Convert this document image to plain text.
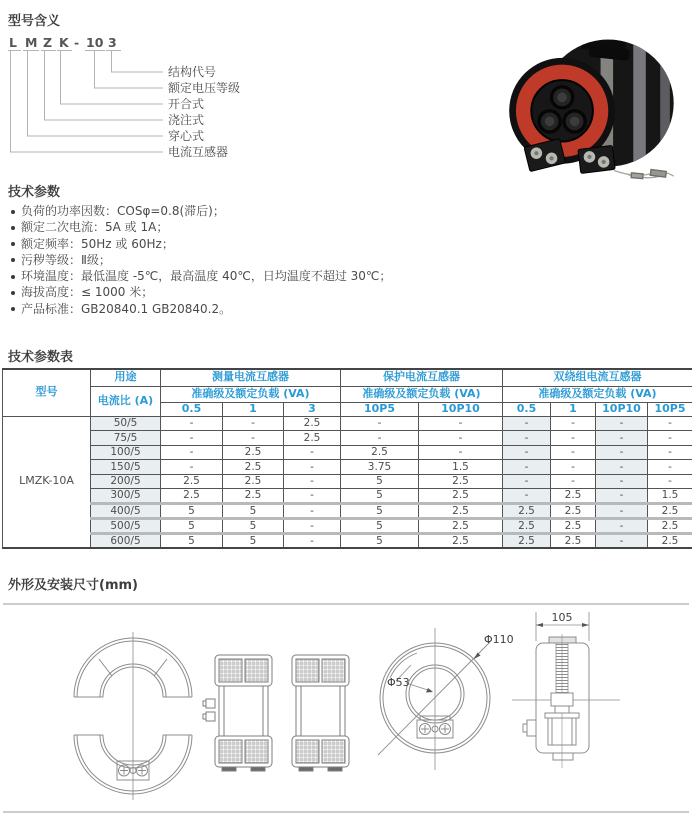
型号含义
技术参数
技术参数表
外形及安装尺寸(mm)
L M Z K - 10 3
结构代号
额定电压等级
开合式
浇注式
穿心式
电流互感器
负荷的功率因数：COSφ=0.8(滞后)；
额定二次电流：5A 或 1A；
额定频率：50Hz 或 60Hz；
污秽等级：Ⅱ级；
环境温度：最低温度 -5℃，最高温度 40℃，日均温度不超过 30℃；
海拔高度：≤ 1000 米；
产品标准：GB20840.1 GB20840.2。
型号	用途	测量电流互感器			保护电流互感器		双绕组电流互感器			
	电流比 (A)	准确级及额定负载 (VA)			准确级及额定负载 (VA)		准确级及额定负载 (VA)			
		0.5	1	3	10P5	10P10	0.5	1	10P10	10P5
LMZK-10A	50/5	-	-	2.5	-	-	-	-	-	-
	75/5	-	-	2.5	-	-	-	-	-	-
	100/5	-	2.5	-	2.5	-	-	-	-	-
	150/5	-	2.5	-	3.75	1.5	-	-	-	-
	200/5	2.5	2.5	-	5	2.5	-	-	-	-
	300/5	2.5	2.5	-	5	2.5	-	2.5	-	1.5
	400/5	5	5	-	5	2.5	2.5	2.5	-	2.5
	500/5	5	5	-	5	2.5	2.5	2.5	-	2.5
	600/5	5	5	-	5	2.5	2.5	2.5	-	2.5
Φ110
Φ53
105
